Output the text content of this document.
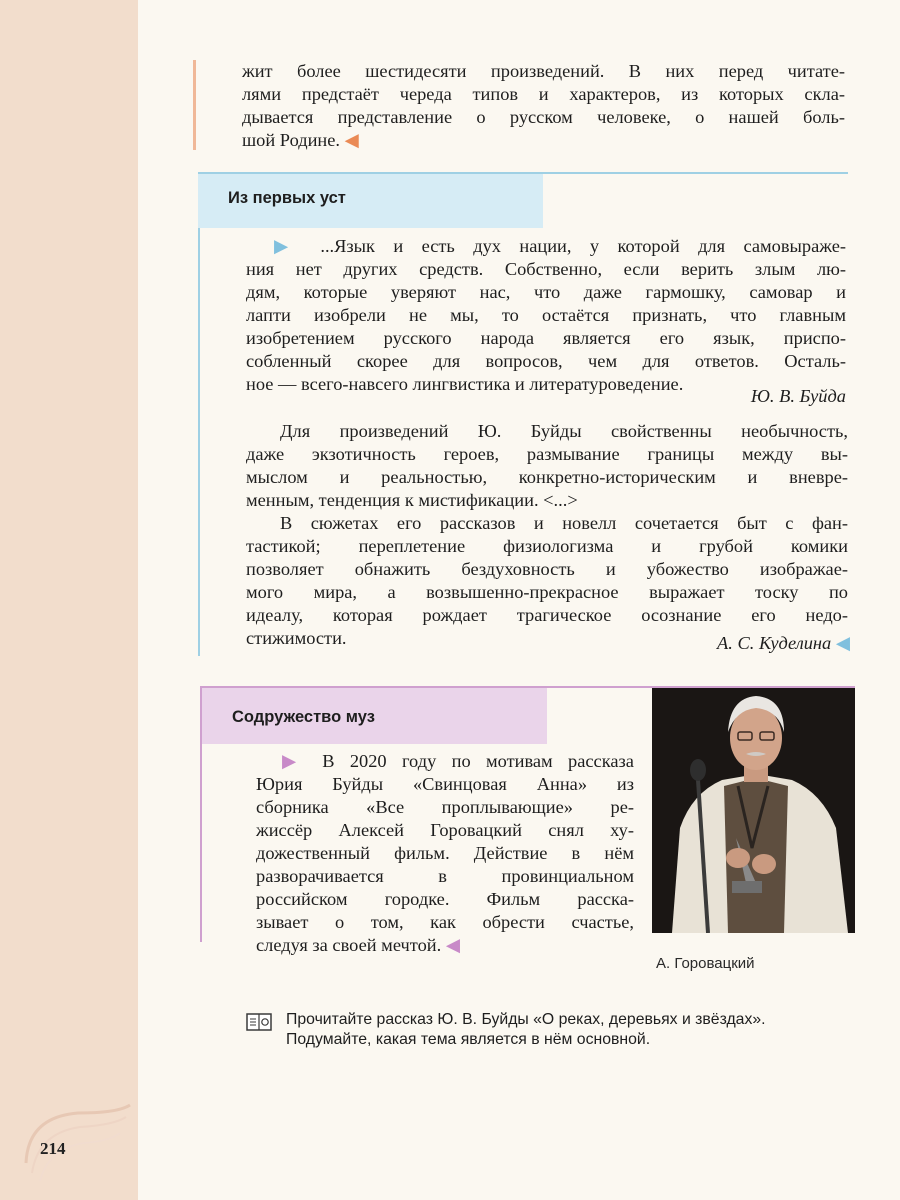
жит более шестидесяти произведений. В них перед читате-
лями предстаёт череда типов и характеров, из которых скла-
дывается представление о русском человеке, о нашей боль-
шой Родине. ◀
Из первых уст
▶ ...Язык и есть дух нации, у которой для самовыраже-
ния нет других средств. Собственно, если верить злым лю-
дям, которые уверяют нас, что даже гармошку, самовар и
лапти изобрели не мы, то остаётся признать, что главным
изобретением русского народа является его язык, приспо-
собленный скорее для вопросов, чем для ответов. Осталь-
ное — всего-навсего лингвистика и литературоведение.
Ю. В. Буйда
Для произведений Ю. Буйды свойственны необычность,
даже экзотичность героев, размывание границы между вы-
мыслом и реальностью, конкретно-историческим и вневре-
менным, тенденция к мистификации. <...>
В сюжетах его рассказов и новелл сочетается быт с фан-
тастикой; переплетение физиологизма и грубой комики
позволяет обнажить бездуховность и убожество изображае-
мого мира, а возвышенно-прекрасное выражает тоску по
идеалу, которая рождает трагическое осознание его недо-
стижимости.	А. С. Куделина ◀
Содружество муз
▶ В 2020 году по мотивам рассказа
Юрия Буйды «Свинцовая Анна» из
сборника «Все проплывающие» ре-
жиссёр Алексей Горовацкий снял ху-
дожественный фильм. Действие в нём
разворачивается в провинциальном
российском городке. Фильм расска-
зывает о том, как обрести счастье,
следуя за своей мечтой. ◀
А. Горовацкий
Прочитайте рассказ Ю. В. Буйды «О реках, деревьях и звёздах».
Подумайте, какая тема является в нём основной.
214
